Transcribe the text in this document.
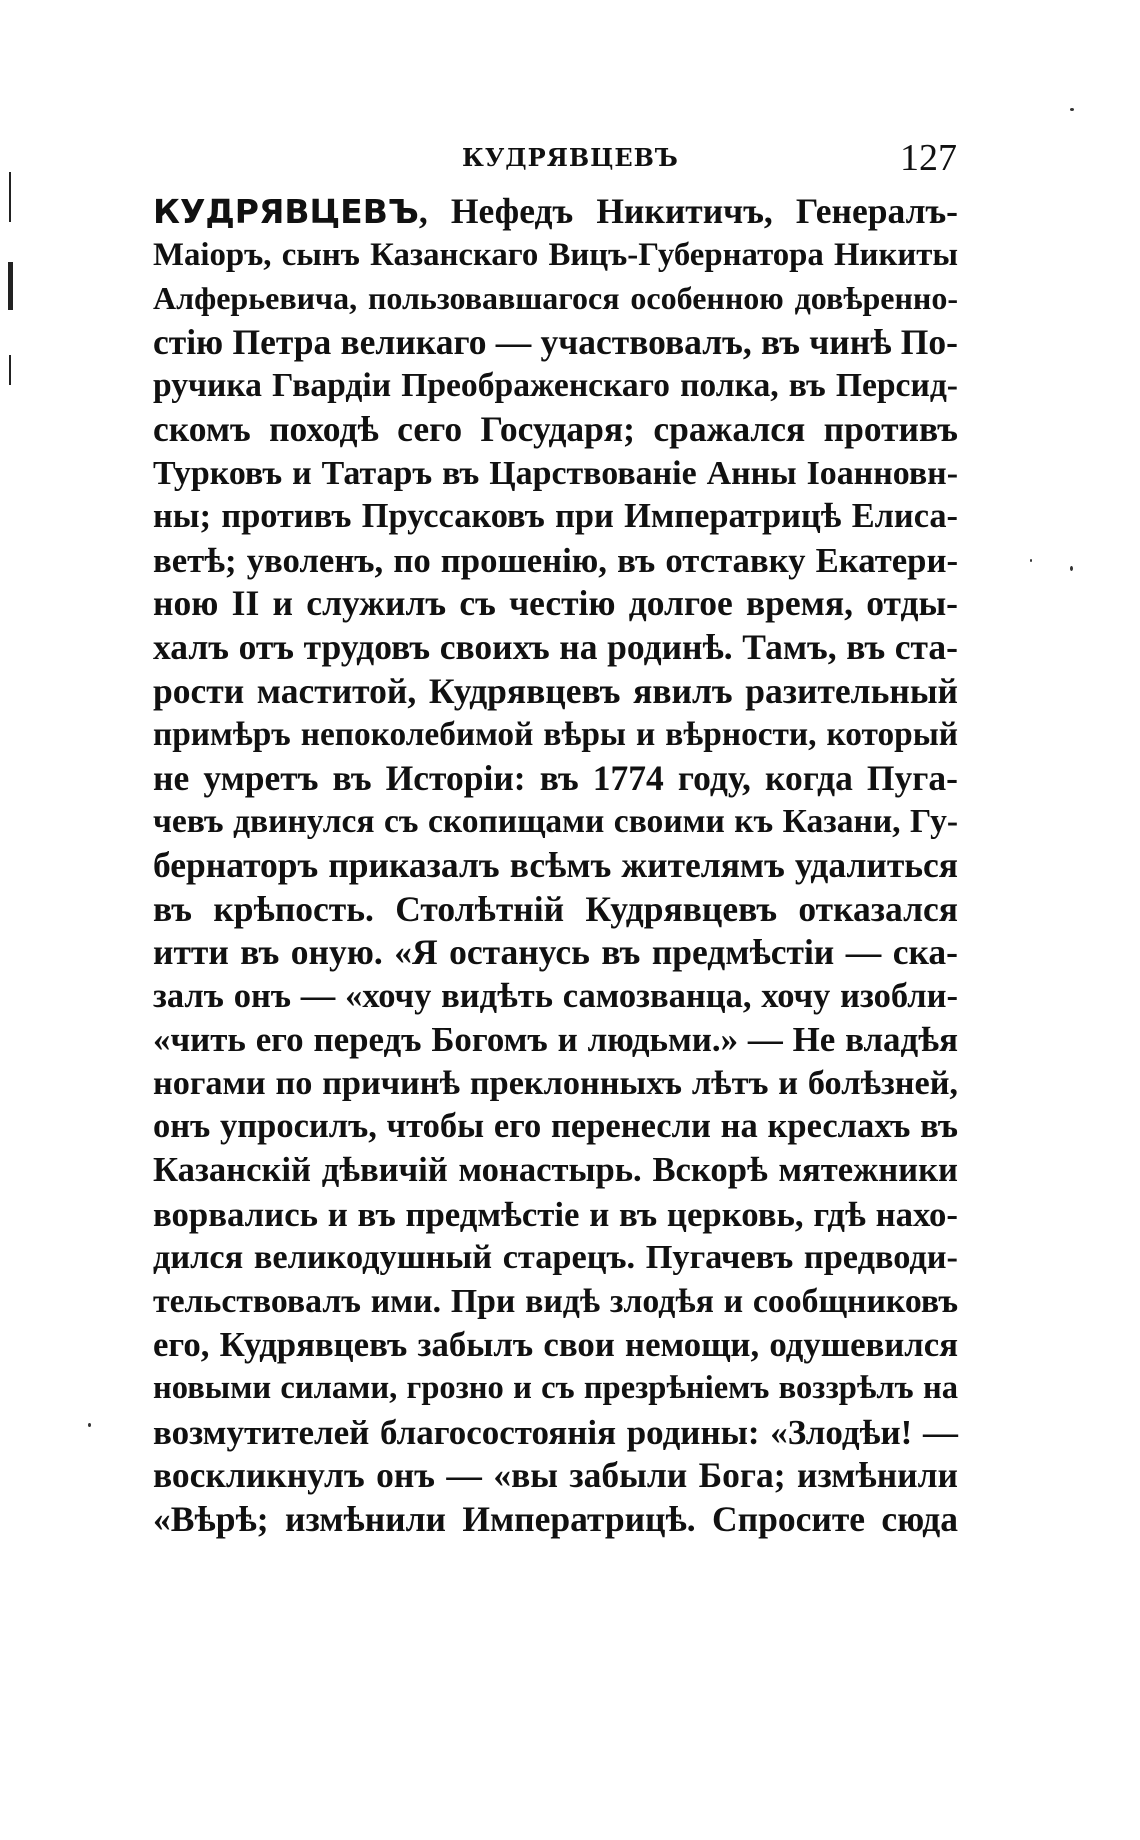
КУДРЯВЦЕВЪ	127
КУДРЯВЦЕВЪ, Нефедъ Никитичъ, Генералъ-
Маіоръ, сынъ Казанскаго Вицъ-Губернатора Никиты
Алферьевича, пользовавшагося особенною довѣренно-
стію Петра великаго — участвовалъ, въ чинѣ По-
ручика Гвардіи Преображенскаго полка, въ Персид-
скомъ походѣ сего Государя; сражался противъ
Турковъ и Татаръ въ Царствованіе Анны Іоанновн-
ны; противъ Пруссаковъ при Императрицѣ Елиса-
ветѣ; уволенъ, по прошенію, въ отставку Екатери-
ною II и служилъ съ честію долгое время, отды-
халъ отъ трудовъ своихъ на родинѣ. Тамъ, въ ста-
рости маститой, Кудрявцевъ явилъ разительный
примѣръ непоколебимой вѣры и вѣрности, который
не умретъ въ Исторіи: въ 1774 году, когда Пуга-
чевъ двинулся съ скопищами своими къ Казани, Гу-
бернаторъ приказалъ всѣмъ жителямъ удалиться
въ крѣпость. Столѣтній Кудрявцевъ отказался
итти въ оную. «Я останусь въ предмѣстіи — ска-
залъ онъ — «хочу видѣть самозванца, хочу изобли-
«чить его передъ Богомъ и людьми.» — Не владѣя
ногами по причинѣ преклонныхъ лѣтъ и болѣзней,
онъ упросилъ, чтобы его перенесли на креслахъ въ
Казанскій дѣвичій монастырь. Вскорѣ мятежники
ворвались и въ предмѣстіе и въ церковь, гдѣ нахо-
дился великодушный старецъ. Пугачевъ предводи-
тельствовалъ ими. При видѣ злодѣя и сообщниковъ
его, Кудрявцевъ забылъ свои немощи, одушевился
новыми силами, грозно и съ презрѣніемъ воззрѣлъ на
возмутителей благосостоянія родины: «Злодѣи! —
воскликнулъ онъ — «вы забыли Бога; измѣнили
«Вѣрѣ; измѣнили Императрицѣ. Спросите сюда
